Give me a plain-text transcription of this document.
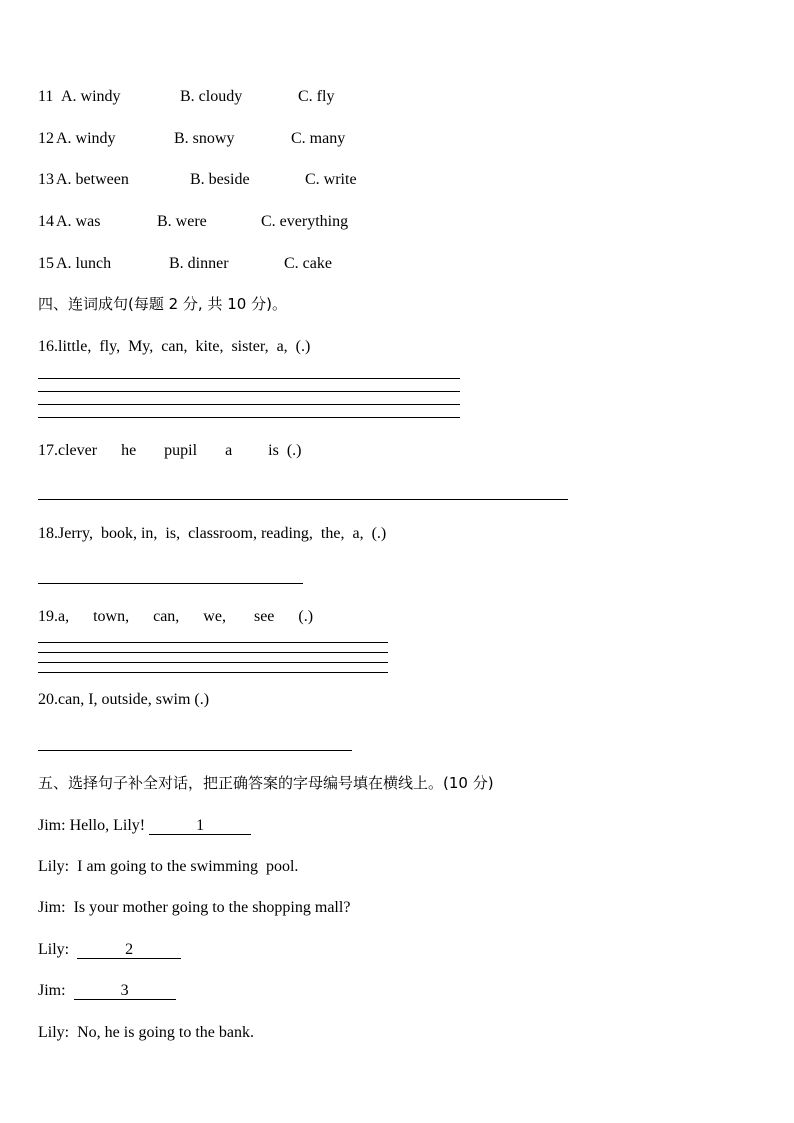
11 A. windy	B. cloudy	C. fly
12 A. windy	B. snowy	C. many
13 A. between	B. beside	C. write
14 A. was	B. were	C. everything
15 A. lunch	B. dinner	C. cake
四、连词成句(每题 2 分, 共 10 分)。
16.little,  fly,  My,  can,  kite,  sister,  a,  (.)
17.clever      he       pupil       a         is  (.)
18.Jerry,  book, in,  is,  classroom, reading,  the,  a,  (.)
19.a,      town,      can,      we,       see      (.)
20.can, I, outside, swim (.)
五、选择句子补全对话，把正确答案的字母编号填在横线上。(10 分)
Jim: Hello, Lily!	1
Lily: I am going to the swimming  pool.
Jim: Is your mother going to the shopping mall?
Lily:	2
Jim:	3
Lily: No, he is going to the bank.
